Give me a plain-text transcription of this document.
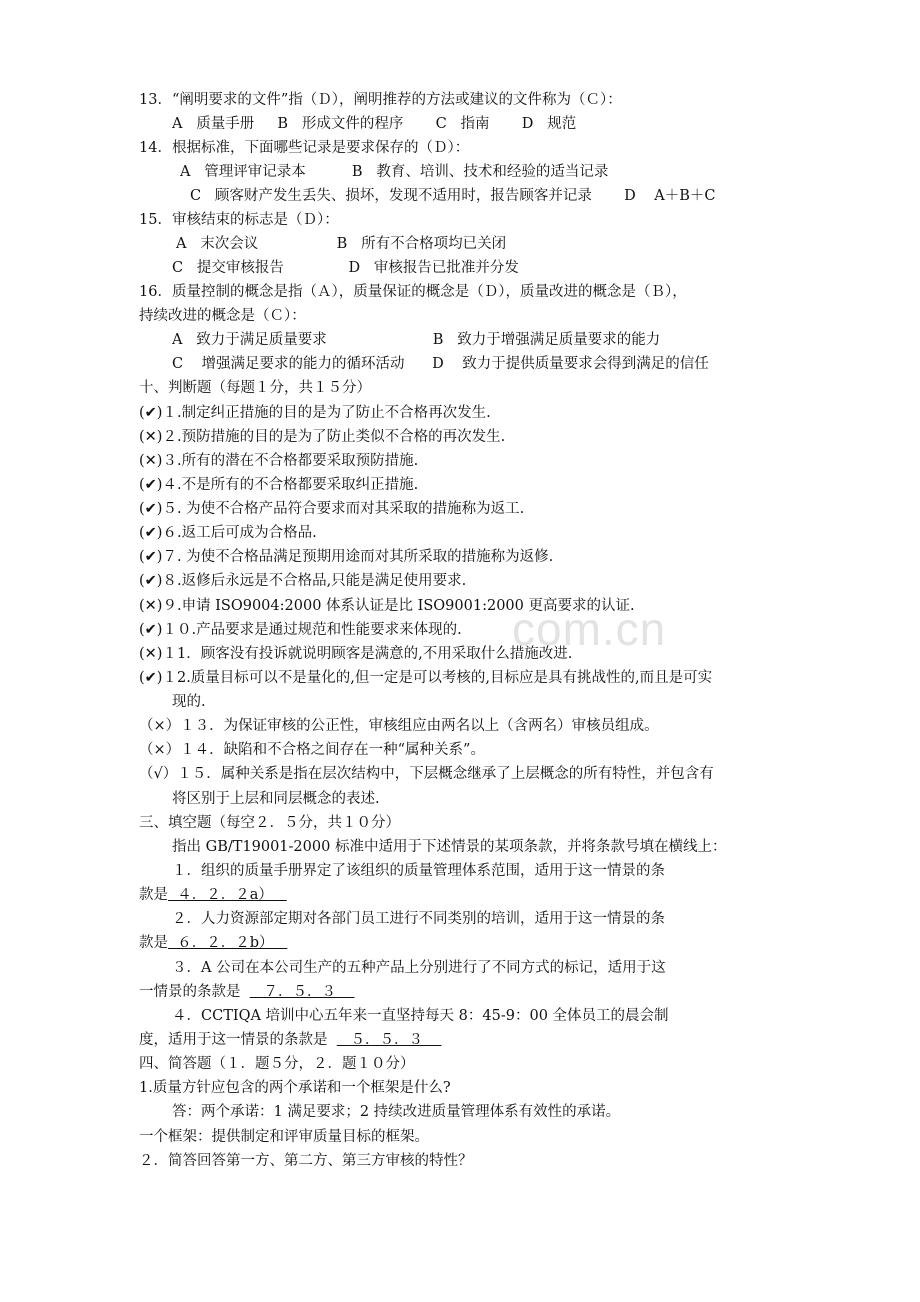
com.cn
13．“阐明要求的文件”指（Ｄ），阐明推荐的方法或建议的文件称为（Ｃ）：
A   质量手册     B   形成文件的程序       C   指南       D   规范
14．根据标准，下面哪些记录是要求保存的（Ｄ）：
A   管理评审记录本          B   教育、培训、技术和经验的适当记录
C   顾客财产发生丢失、损坏，发现不适用时，报告顾客并记录       D    A＋B＋C
15．审核结束的标志是（Ｄ）：
A   末次会议                 B   所有不合格项均已关闭
C   提交审核报告              D   审核报告已批准并分发
16．质量控制的概念是指（Ａ），质量保证的概念是（Ｄ），质量改进的概念是（Ｂ），
持续改进的概念是（Ｃ）：
A   致力于满足质量要求                       B   致力于增强满足质量要求的能力
C    增强满足要求的能力的循环活动      D    致力于提供质量要求会得到满足的信任
十、判断题（每题１分，共１５分）
(✔)１.制定纠正措施的目的是为了防止不合格再次发生.
(✕)２.预防措施的目的是为了防止类似不合格的再次发生.
(✕)３.所有的潜在不合格都要采取预防措施.
(✔)４.不是所有的不合格都要采取纠正措施.
(✔)５. 为使不合格产品符合要求而对其采取的措施称为返工.
(✔)６.返工后可成为合格品.
(✔)７. 为使不合格品满足预期用途而对其所采取的措施称为返修.
(✔)８.返修后永远是不合格品,只能是满足使用要求.
(✕)９.申请 ISO9004:2000 体系认证是比 ISO9001:2000 更高要求的认证.
(✔)１０.产品要求是通过规范和性能要求来体现的.
(✕)１1．顾客没有投诉就说明顾客是满意的,不用采取什么措施改进.
(✔)１2.质量目标可以不是量化的,但一定是可以考核的,目标应是具有挑战性的,而且是可实
现的.
（×）１３．为保证审核的公正性，审核组应由两名以上（含两名）审核员组成。
（×）１４．缺陷和不合格之间存在一种“属种关系”。
（√）１５．属种关系是指在层次结构中，下层概念继承了上层概念的所有特性，并包含有
将区别于上层和同层概念的表述.
三、填空题（每空２．５分，共１０分）
指出 GB/T19001-2000 标准中适用于下述情景的某项条款，并将条款号填在横线上：
１．组织的质量手册界定了该组织的质量管理体系范围，适用于这一情景的条
款是  ４．２．２a）
２．人力资源部定期对各部门员工进行不同类别的培训，适用于这一情景的条
款是  ６．２．２b）
３．A 公司在本公司生产的五种产品上分别进行了不同方式的标记，适用于这
一情景的条款是     ７．５．３
４．CCTIQA 培训中心五年来一直坚持每天 8：45-9：00 全体员工的晨会制
度，适用于这一情景的条款是     ５．５．３
四、简答题（１．题５分，２．题１０分）
1.质量方针应包含的两个承诺和一个框架是什么?
答：两个承诺：1 满足要求；2 持续改进质量管理体系有效性的承诺。
一个框架：提供制定和评审质量目标的框架。
２．简答回答第一方、第二方、第三方审核的特性？
